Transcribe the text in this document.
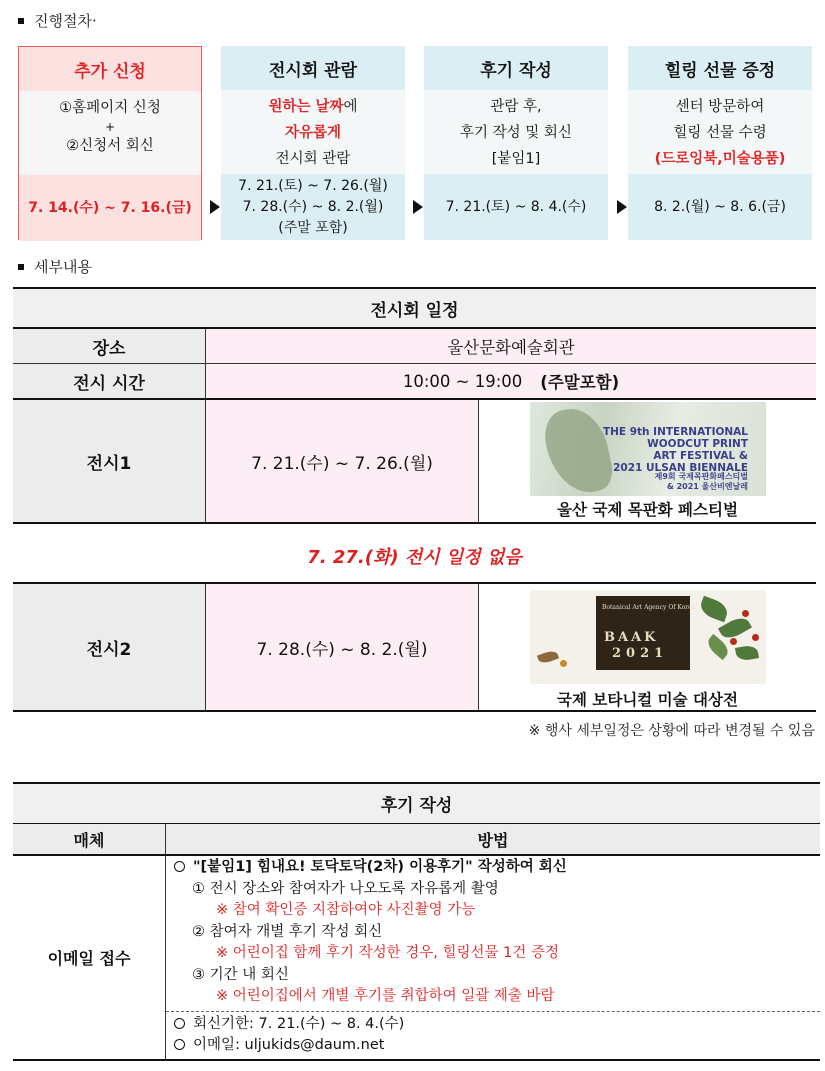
진행절차·
추가 신청
①홈페이지 신청
+
②신청서 회신
7. 14.(수) ~ 7. 16.(금)
전시회 관람
원하는 날짜에
자유롭게
전시회 관람
7. 21.(토) ~ 7. 26.(월)
7. 28.(수) ~ 8. 2.(월)
(주말 포함)
후기 작성
관람 후,
후기 작성 및 회신
[붙임1]
7. 21.(토) ~ 8. 4.(수)
힐링 선물 증정
센터 방문하여
힐링 선물 수령
(드로잉북,미술용품)
8. 2.(월) ~ 8. 6.(금)
세부내용
전시회 일정
장소	울산문화예술회관
전시 시간	10:00 ~ 19:00 (주말포함)
전시1	7. 21.(수) ~ 7. 26.(월)
THE 9th INTERNATIONAL
WOODCUT PRINT
ART FESTIVAL &
2021 ULSAN BIENNALE
제9회 국제목판화페스티벌
& 2021 울산비엔날레
울산 국제 목판화 페스티벌
7. 27.(화) 전시 일정 없음
전시2	7. 28.(수) ~ 8. 2.(월)
Botanical Art Agency Of Korea
BAAK
2021
국제 보타니컬 미술 대상전
※ 행사 세부일정은 상황에 따라 변경될 수 있음
후기 작성
매체	방법
이메일 접수
"[붙임1] 힘내요! 토닥토닥(2차) 이용후기" 작성하여 회신
① 전시 장소와 참여자가 나오도록 자유롭게 촬영
※ 참여 확인증 지참하여야 사진촬영 가능
② 참여자 개별 후기 작성 회신
※ 어린이집 함께 후기 작성한 경우, 힐링선물 1건 증정
③ 기간 내 회신
※ 어린이집에서 개별 후기를 취합하여 일괄 제출 바람
회신기한: 7. 21.(수) ~ 8. 4.(수)
이메일: uljukids@daum.net
